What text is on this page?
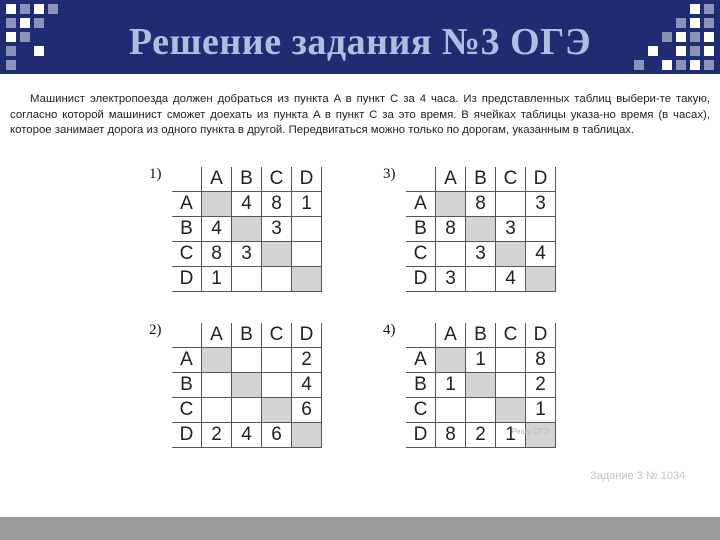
Решение задания №3 ОГЭ
Машинист электропоезда должен добраться из пункта A в пункт C за 4 часа. Из представленных таблиц выбери-те такую, согласно которой машинист сможет доехать из пункта A в пункт C за это время. В ячейках таблицы указа-но время (в часах), которое занимает дорога из одного пункта в другой. Передвигаться можно только по дорогам, указанным в таблицах.
1)
		A	B	C	D
A		4	8	1
B	4		3	
C	8	3		
D	1			
3)
		A	B	C	D
A		8		3
B	8		3	
C		3		4
D	3		4	
2)
		A	B	C	D
A				2
B				4
C				6
D	2	4	6	
4)
		A	B	C	D
A		1		8
B	1			2
C				1
D	8	2	1	
Решу ОГЭ
Задание 3 № 1034
